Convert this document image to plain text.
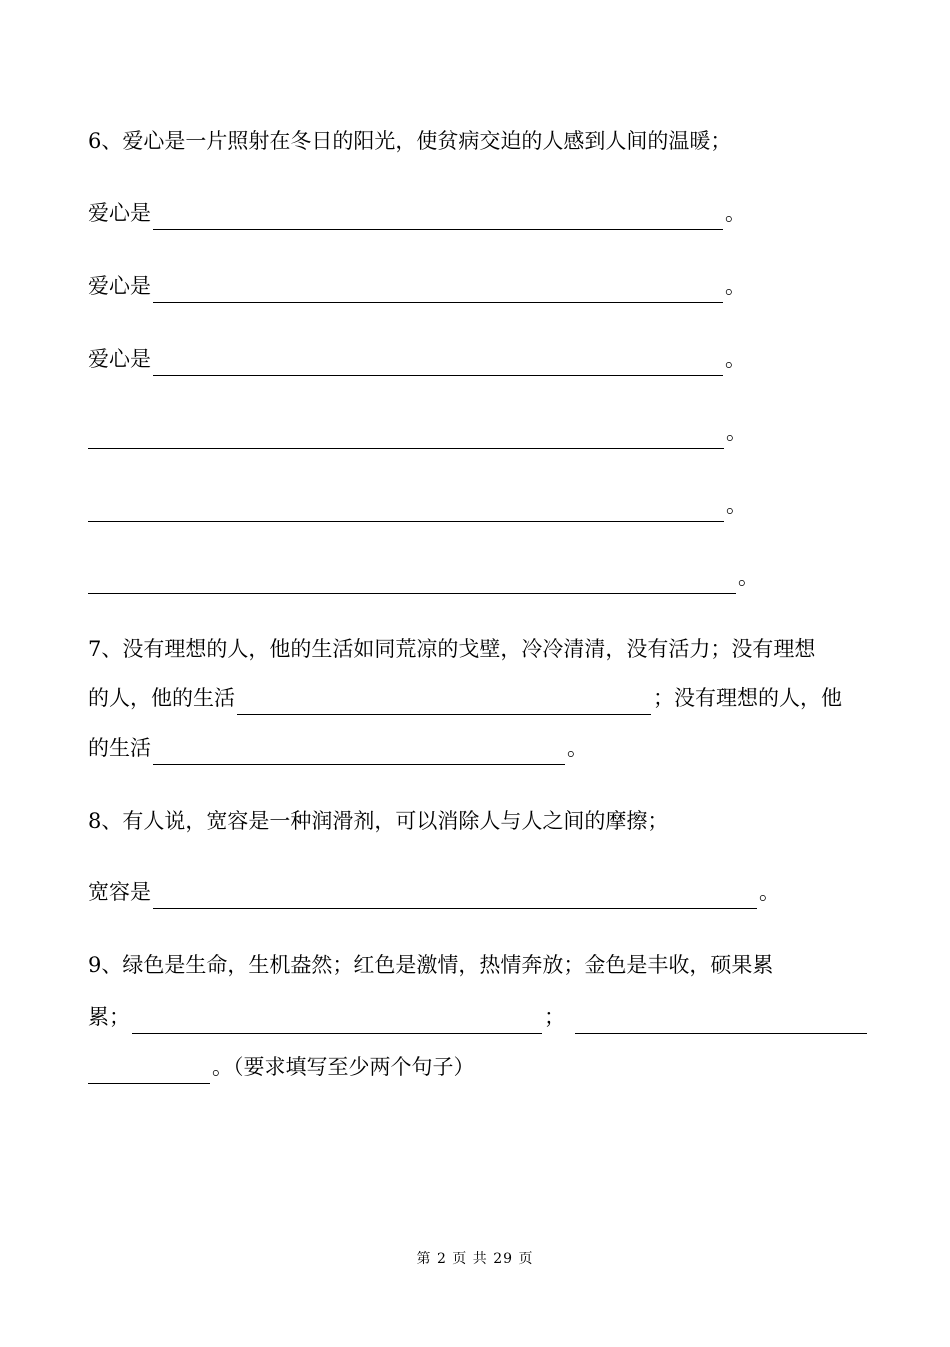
6、爱心是一片照射在冬日的阳光，使贫病交迫的人感到人间的温暖；
爱心是	。
爱心是	。
爱心是	。
。
。
。
7、没有理想的人，他的生活如同荒凉的戈壁，冷冷清清，没有活力；没有理想
的人，他的生活	；没有理想的人，他
的生活	。
8、有人说，宽容是一种润滑剂，可以消除人与人之间的摩擦；
宽容是	。
9、绿色是生命，生机盎然；红色是激情，热情奔放；金色是丰收，硕果累
累；	；
。（要求填写至少两个句子）
第 2 页 共 29 页
